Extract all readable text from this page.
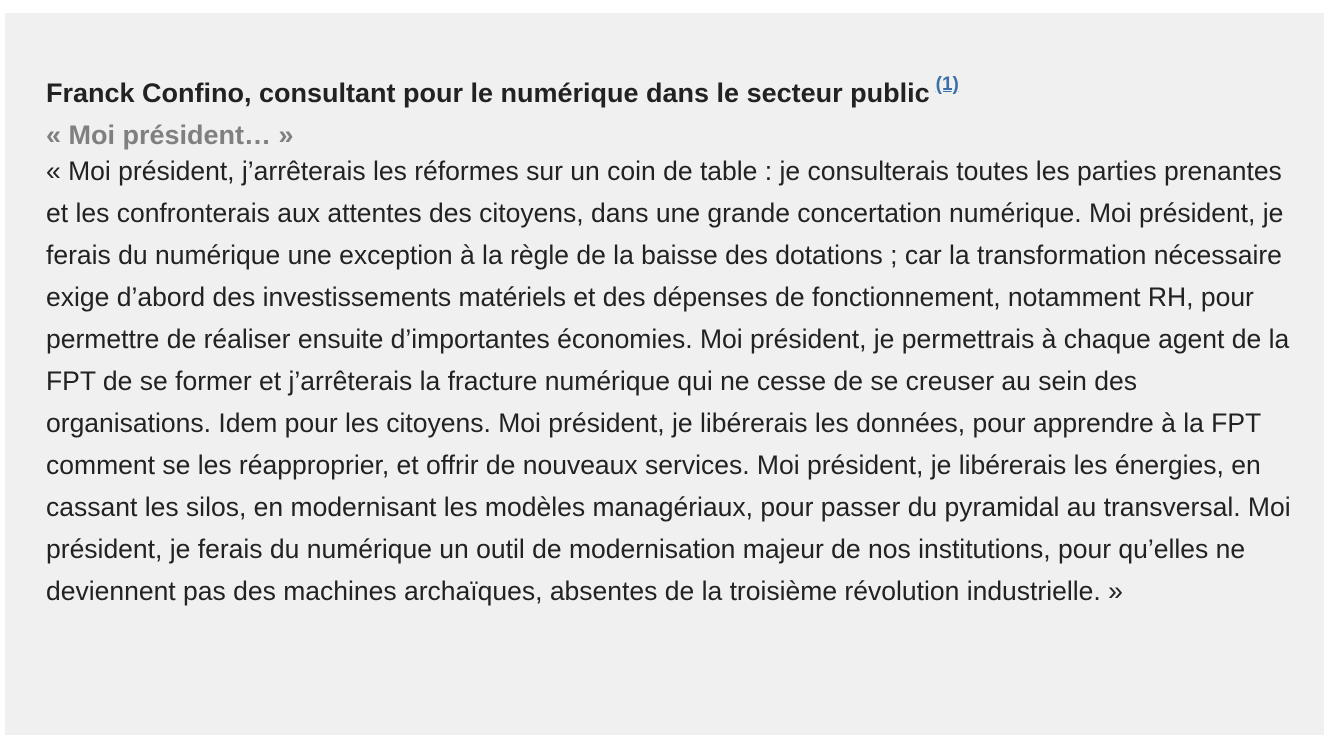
Franck Confino, consultant pour le numérique dans le secteur public $^{(1)}$

« Moi président… »

« Moi président, j’arrêterais les réformes sur un coin de table : je consulterais toutes les parties prenantes et les confronterais aux attentes des citoyens, dans une grande concertation numérique. Moi président, je ferais du numérique une exception à la règle de la baisse des dotations ; car la transformation nécessaire exige d’abord des investissements matériels et des dépenses de fonctionnement, notamment RH, pour permettre de réaliser ensuite d’importantes économies. Moi président, je permettrais à chaque agent de la FPT de se former et j’arrêterais la fracture numérique qui ne cesse de se creuser au sein des organisations. Idem pour les citoyens. Moi président, je libérerais les données, pour apprendre à la FPT comment se les réapproprier, et offrir de nouveaux services. Moi président, je libérerais les énergies, en cassant les silos, en modernisant les modèles managériaux, pour passer du pyramidal au transversal. Moi président, je ferais du numérique un outil de modernisation majeur de nos institutions, pour qu’elles ne deviennent pas des machines archaïques, absentes de la troisième révolution industrielle. »
